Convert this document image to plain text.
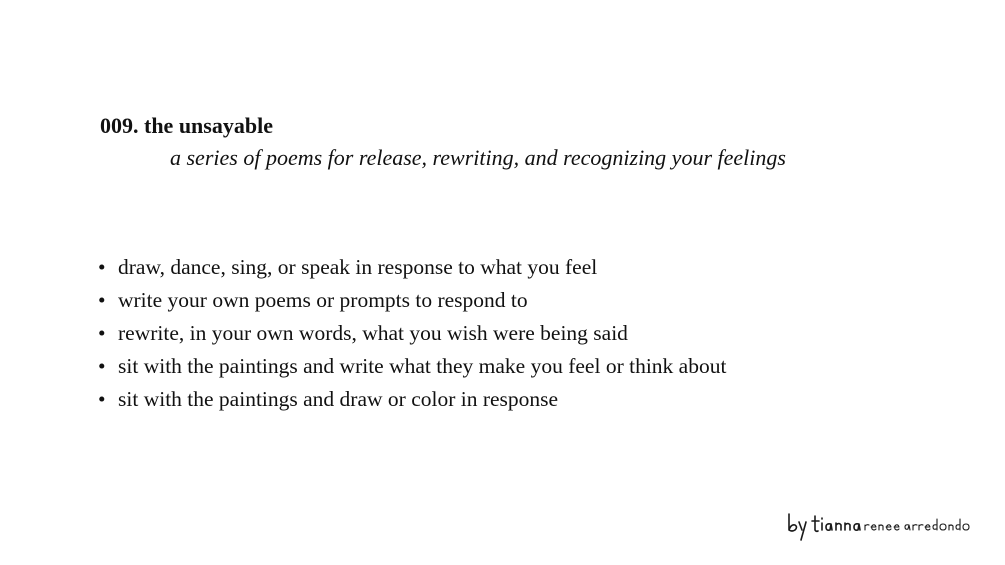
009. the unsayable
a series of poems for release, rewriting, and recognizing your feelings
• draw, dance, sing, or speak in response to what you feel
• write your own poems or prompts to respond to
• rewrite, in your own words, what you wish were being said
• sit with the paintings and write what they make you feel or think about
• sit with the paintings and draw or color in response
